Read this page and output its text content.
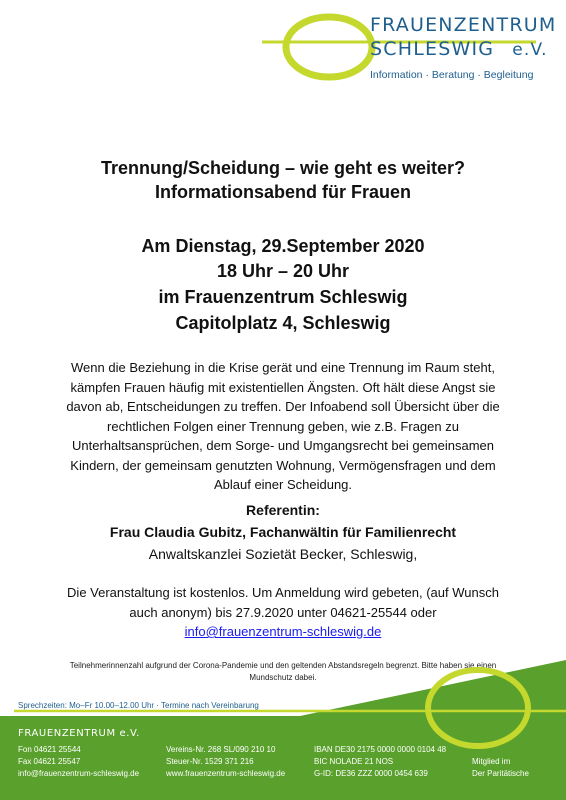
FRAUENZENTRUM
SCHLESWIG e.V.
Information · Beratung · Begleitung
Trennung/Scheidung – wie geht es weiter?
Informationsabend für Frauen
Am Dienstag, 29.September 2020
18 Uhr – 20 Uhr
im Frauenzentrum Schleswig
Capitolplatz 4, Schleswig
Wenn die Beziehung in die Krise gerät und eine Trennung im Raum steht, kämpfen Frauen häufig mit existentiellen Ängsten. Oft hält diese Angst sie davon ab, Entscheidungen zu treffen. Der Infoabend soll Übersicht über die rechtlichen Folgen einer Trennung geben, wie z.B. Fragen zu Unterhaltsansprüchen, dem Sorge- und Umgangsrecht bei gemeinsamen Kindern, der gemeinsam genutzten Wohnung, Vermögensfragen und dem Ablauf einer Scheidung.
Referentin:
Frau Claudia Gubitz, Fachanwältin für Familienrecht
Anwaltskanzlei Sozietät Becker, Schleswig,
Die Veranstaltung ist kostenlos. Um Anmeldung wird gebeten, (auf Wunsch auch anonym) bis 27.9.2020 unter 04621-25544 oder
info@frauenzentrum-schleswig.de
Teilnehmerinnenzahl aufgrund der Corona-Pandemie und den geltenden Abstandsregeln begrenzt. Bitte haben sie einen Mundschutz dabei.
Sprechzeiten: Mo–Fr 10.00–12.00 Uhr · Termine nach Vereinbarung
FRAUENZENTRUM e.V.
Fon 04621 25544
Fax 04621 25547
info@frauenzentrum-schleswig.de
Vereins-Nr. 268 SL/090 210 10
Steuer-Nr. 1529 371 216
www.frauenzentrum-schleswig.de
IBAN DE30 2175 0000 0000 0104 48
BIC NOLADE 21 NOS
G-ID: DE36 ZZZ 0000 0454 639
Mitglied im
Der Paritätische
